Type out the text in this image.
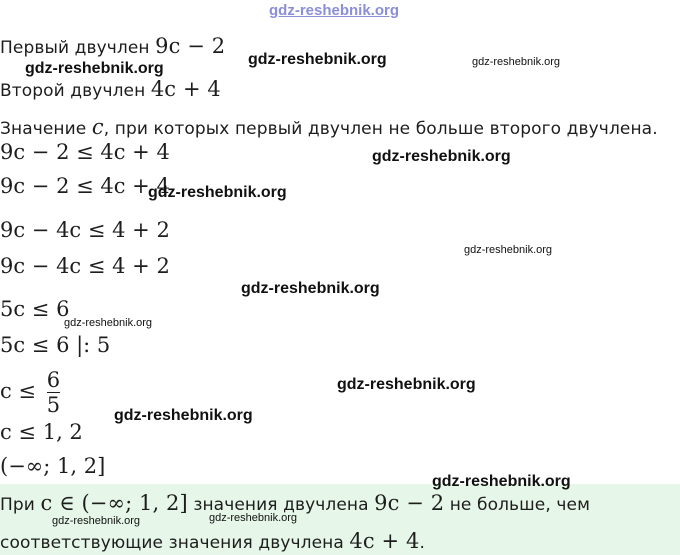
Первый двучлен 9c − 2
Второй двучлен 4c + 4
Значение c, при которых первый двучлен не больше второго двучлена.
9c − 2 ≤ 4c + 4
9c − 2 ≤ 4c + 4
9c − 4c ≤ 4 + 2
9c − 4c ≤ 4 + 2
5c ≤ 6
5c ≤ 6 |: 5
$c \le \frac{6}{5}$
c ≤ 1, 2
(−∞; 1, 2]
При c ∈ (−∞; 1, 2] значения двучлена 9c − 2 не больше, чем
соответствующие значения двучлена 4c + 4.
gdz-reshebnik.org
gdz-reshebnik.org
gdz-reshebnik.org	gdz-reshebnik.org
gdz-reshebnik.org
gdz-reshebnik.org
gdz-reshebnik.org
gdz-reshebnik.org
gdz-reshebnik.org
gdz-reshebnik.org
gdz-reshebnik.org
gdz-reshebnik.org
gdz-reshebnik.org	gdz-reshebnik.org
